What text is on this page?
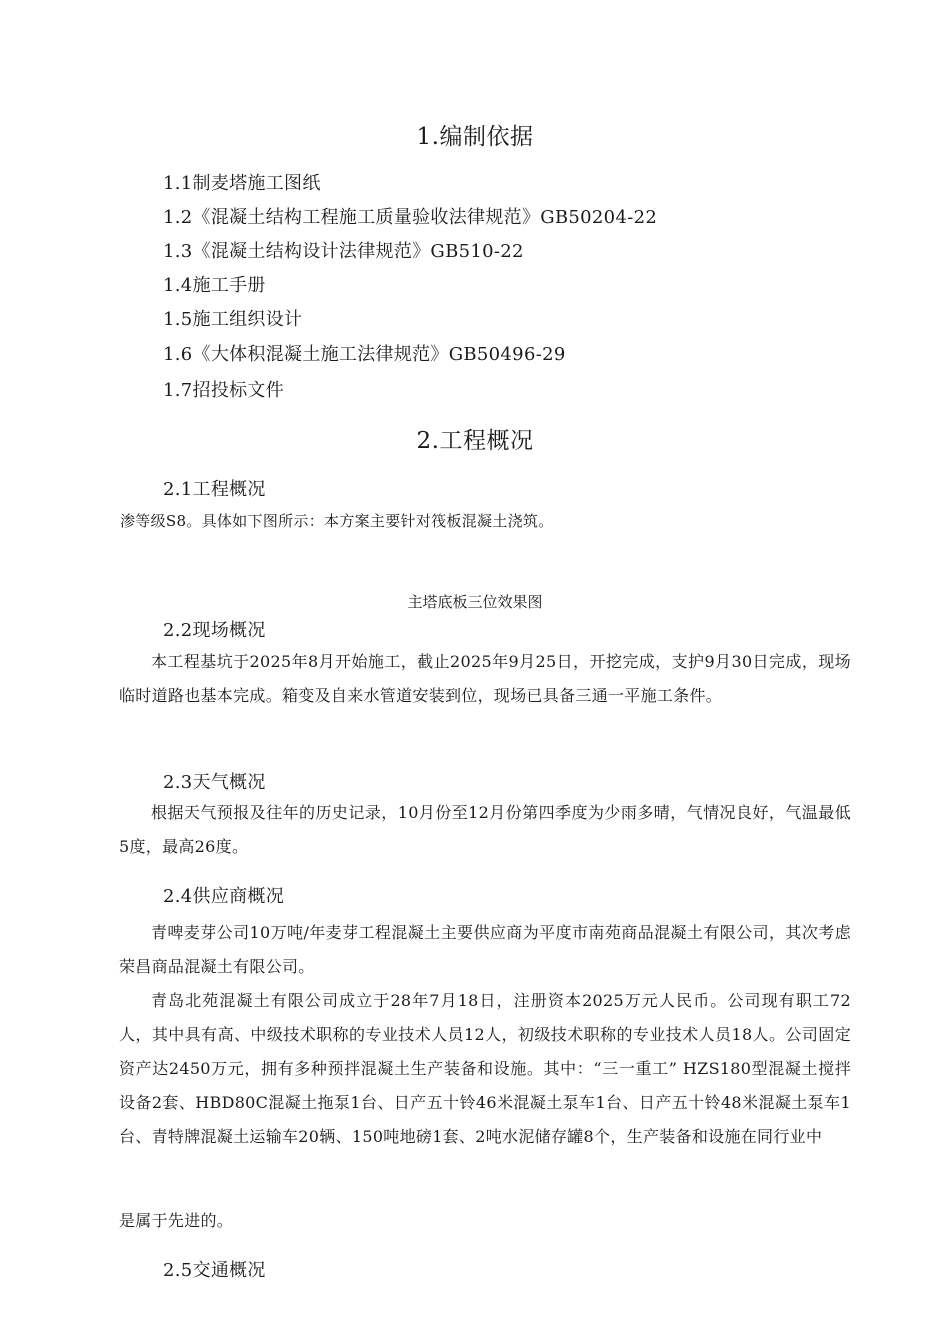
1.编制依据
1.1制麦塔施工图纸
1.2《混凝土结构工程施工质量验收法律规范》GB50204-22
1.3《混凝土结构设计法律规范》GB510-22
1.4施工手册
1.5施工组织设计
1.6《大体积混凝土施工法律规范》GB50496-29
1.7招投标文件
2.工程概况
2.1工程概况
渗等级S8。具体如下图所示：本方案主要针对筏板混凝土浇筑。
主塔底板三位效果图
2.2现场概况
本工程基坑于2025年8月开始施工，截止2025年9月25日，开挖完成，支护9月30日完成，现场临时道路也基本完成。箱变及自来水管道安装到位，现场已具备三通一平施工条件。
2.3天气概况
根据天气预报及往年的历史记录，10月份至12月份第四季度为少雨多晴，气情况良好，气温最低5度，最高26度。
2.4供应商概况
青啤麦芽公司10万吨/年麦芽工程混凝土主要供应商为平度市南苑商品混凝土有限公司，其次考虑荣昌商品混凝土有限公司。
青岛北苑混凝土有限公司成立于28年7月18日，注册资本2025万元人民币。公司现有职工72人，其中具有高、中级技术职称的专业技术人员12人，初级技术职称的专业技术人员18人。公司固定资产达2450万元，拥有多种预拌混凝土生产装备和设施。其中：“三一重工” HZS180型混凝土搅拌设备2套、HBD80C混凝土拖泵1台、日产五十铃46米混凝土泵车1台、日产五十铃48米混凝土泵车1台、青特牌混凝土运输车20辆、150吨地磅1套、2吨水泥储存罐8个，生产装备和设施在同行业中
是属于先进的。
2.5交通概况
